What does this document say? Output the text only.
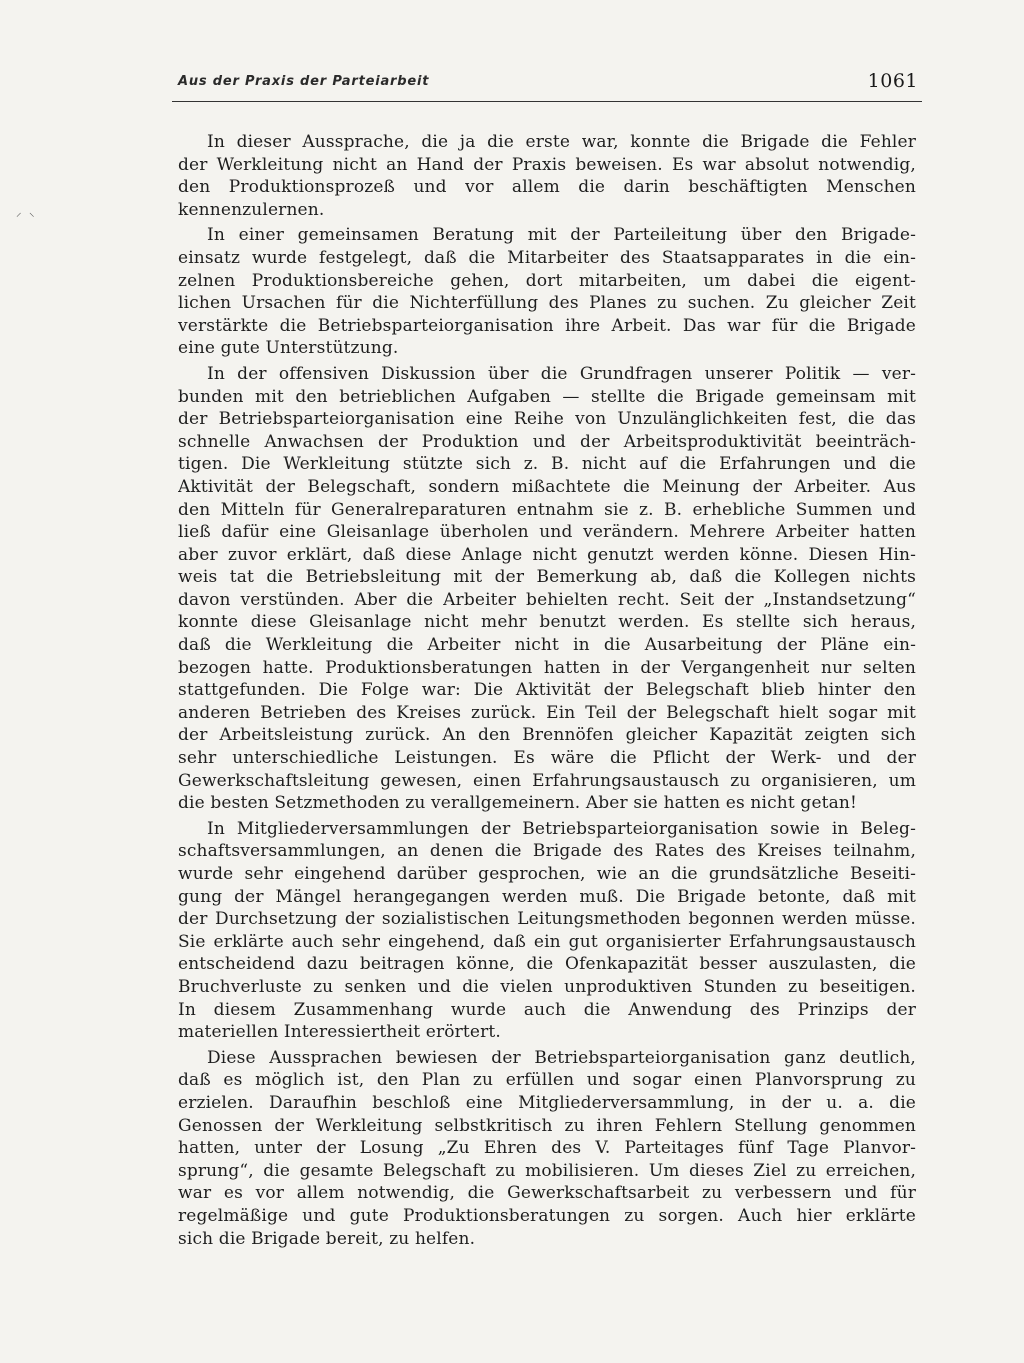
Aus der Praxis der Parteiarbeit	1061
⸝ ⸜
In dieser Aussprache, die ja die erste war, konnte die Brigade die Fehler
der Werkleitung nicht an Hand der Praxis beweisen. Es war absolut notwendig,
den Produktionsprozeß und vor allem die darin beschäftigten Menschen
kennenzulernen.
In einer gemeinsamen Beratung mit der Parteileitung über den Brigade-
einsatz wurde festgelegt, daß die Mitarbeiter des Staatsapparates in die ein-
zelnen Produktionsbereiche gehen, dort mitarbeiten, um dabei die eigent-
lichen Ursachen für die Nichterfüllung des Planes zu suchen. Zu gleicher Zeit
verstärkte die Betriebsparteiorganisation ihre Arbeit. Das war für die Brigade
eine gute Unterstützung.
In der offensiven Diskussion über die Grundfragen unserer Politik — ver-
bunden mit den betrieblichen Aufgaben — stellte die Brigade gemeinsam mit
der Betriebsparteiorganisation eine Reihe von Unzulänglichkeiten fest, die das
schnelle Anwachsen der Produktion und der Arbeitsproduktivität beeinträch-
tigen. Die Werkleitung stützte sich z. B. nicht auf die Erfahrungen und die
Aktivität der Belegschaft, sondern mißachtete die Meinung der Arbeiter. Aus
den Mitteln für Generalreparaturen entnahm sie z. B. erhebliche Summen und
ließ dafür eine Gleisanlage überholen und verändern. Mehrere Arbeiter hatten
aber zuvor erklärt, daß diese Anlage nicht genutzt werden könne. Diesen Hin-
weis tat die Betriebsleitung mit der Bemerkung ab, daß die Kollegen nichts
davon verstünden. Aber die Arbeiter behielten recht. Seit der „Instandsetzung“
konnte diese Gleisanlage nicht mehr benutzt werden. Es stellte sich heraus,
daß die Werkleitung die Arbeiter nicht in die Ausarbeitung der Pläne ein-
bezogen hatte. Produktionsberatungen hatten in der Vergangenheit nur selten
stattgefunden. Die Folge war: Die Aktivität der Belegschaft blieb hinter den
anderen Betrieben des Kreises zurück. Ein Teil der Belegschaft hielt sogar mit
der Arbeitsleistung zurück. An den Brennöfen gleicher Kapazität zeigten sich
sehr unterschiedliche Leistungen. Es wäre die Pflicht der Werk- und der
Gewerkschaftsleitung gewesen, einen Erfahrungsaustausch zu organisieren, um
die besten Setzmethoden zu verallgemeinern. Aber sie hatten es nicht getan!
In Mitgliederversammlungen der Betriebsparteiorganisation sowie in Beleg-
schaftsversammlungen, an denen die Brigade des Rates des Kreises teilnahm,
wurde sehr eingehend darüber gesprochen, wie an die grundsätzliche Beseiti-
gung der Mängel herangegangen werden muß. Die Brigade betonte, daß mit
der Durchsetzung der sozialistischen Leitungsmethoden begonnen werden müsse.
Sie erklärte auch sehr eingehend, daß ein gut organisierter Erfahrungsaustausch
entscheidend dazu beitragen könne, die Ofenkapazität besser auszulasten, die
Bruchverluste zu senken und die vielen unproduktiven Stunden zu beseitigen.
In diesem Zusammenhang wurde auch die Anwendung des Prinzips der
materiellen Interessiertheit erörtert.
Diese Aussprachen bewiesen der Betriebsparteiorganisation ganz deutlich,
daß es möglich ist, den Plan zu erfüllen und sogar einen Planvorsprung zu
erzielen. Daraufhin beschloß eine Mitgliederversammlung, in der u. a. die
Genossen der Werkleitung selbstkritisch zu ihren Fehlern Stellung genommen
hatten, unter der Losung „Zu Ehren des V. Parteitages fünf Tage Planvor-
sprung“, die gesamte Belegschaft zu mobilisieren. Um dieses Ziel zu erreichen,
war es vor allem notwendig, die Gewerkschaftsarbeit zu verbessern und für
regelmäßige und gute Produktionsberatungen zu sorgen. Auch hier erklärte
sich die Brigade bereit, zu helfen.
